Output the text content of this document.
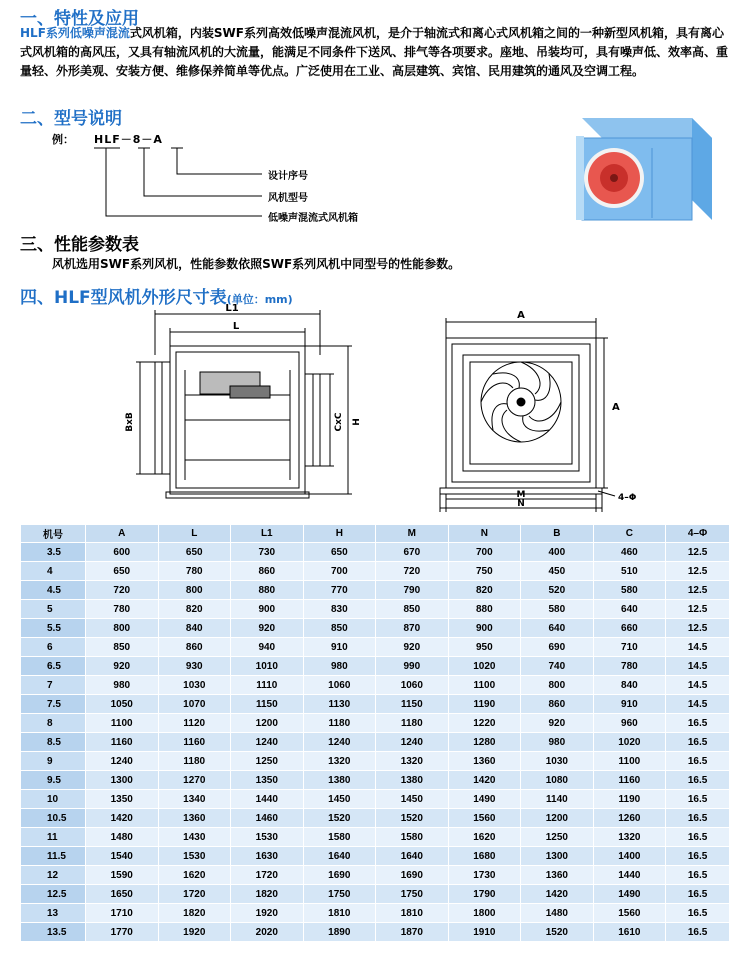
一、特性及应用
HLF系列低噪声混流式风机箱，内装SWF系列高效低噪声混流风机，是介于轴流式和离心式风机箱之间的一种新型风机箱，具有离心式风机箱的高风压，又具有轴流风机的大流量，能满足不同条件下送风、排气等各项要求。座地、吊装均可，具有噪声低、效率高、重量轻、外形美观、安装方便、维修保养简单等优点。广泛使用在工业、高层建筑、宾馆、民用建筑的通风及空调工程。
二、型号说明
例： HLF－8－A
设计序号
风机型号
低噪声混流式风机箱
三、性能参数表
风机选用SWF系列风机，性能参数依照SWF系列风机中同型号的性能参数。
四、HLF型风机外形尺寸表(单位：mm)
L1
L
BxB	CxC H
A
A
M
N
4–Φ
机号	A	L	L1	H	M	N	B	C	4–Φ
3.5	600	650	730	650	670	700	400	460	12.5
4	650	780	860	700	720	750	450	510	12.5
4.5	720	800	880	770	790	820	520	580	12.5
5	780	820	900	830	850	880	580	640	12.5
5.5	800	840	920	850	870	900	640	660	12.5
6	850	860	940	910	920	950	690	710	14.5
6.5	920	930	1010	980	990	1020	740	780	14.5
7	980	1030	1110	1060	1060	1100	800	840	14.5
7.5	1050	1070	1150	1130	1150	1190	860	910	14.5
8	1100	1120	1200	1180	1180	1220	920	960	16.5
8.5	1160	1160	1240	1240	1240	1280	980	1020	16.5
9	1240	1180	1250	1320	1320	1360	1030	1100	16.5
9.5	1300	1270	1350	1380	1380	1420	1080	1160	16.5
10	1350	1340	1440	1450	1450	1490	1140	1190	16.5
10.5	1420	1360	1460	1520	1520	1560	1200	1260	16.5
11	1480	1430	1530	1580	1580	1620	1250	1320	16.5
11.5	1540	1530	1630	1640	1640	1680	1300	1400	16.5
12	1590	1620	1720	1690	1690	1730	1360	1440	16.5
12.5	1650	1720	1820	1750	1750	1790	1420	1490	16.5
13	1710	1820	1920	1810	1810	1800	1480	1560	16.5
13.5	1770	1920	2020	1890	1870	1910	1520	1610	16.5
